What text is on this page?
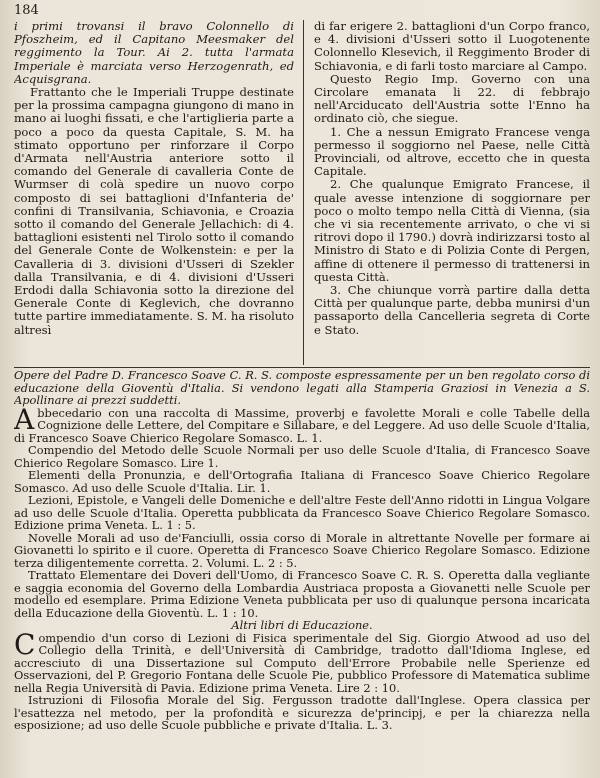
184

i primi trovansi il bravo Colonnello di Pfoszheim, ed il Capitano Meesmaker del reggimento la Tour. Ai 2. tutta l'armata Imperiale è marciata verso Herzogenrath, ed Acquisgrana.

Frattanto che le Imperiali Truppe destinate per la prossima campagna giungono di mano in mano ai luoghi fissati, e che l'artiglieria parte a poco a poco da questa Capitale, S. M. ha stimato opportuno per rinforzare il Corpo d'Armata nell'Austria anteriore sotto il comando del Generale di cavalleria Conte de Wurmser di colà spedire un nuovo corpo composto di sei battaglioni d'Infanteria de' confini di Transilvania, Schiavonia, e Croazia sotto il comando del Generale Jellachich: di 4. battaglioni esistenti nel Tirolo sotto il comando del Generale Conte de Wolkenstein: e per la Cavalleria di 3. divisioni d'Usseri di Szekler dalla Transilvania, e di 4. divisioni d'Usseri Erdodi dalla Schiavonia sotto la direzione del Generale Conte di Keglevich, che dovranno tutte partire immediatamente. S. M. ha risoluto altresì

di far erigere 2. battaglioni d'un Corpo franco, e 4. divisioni d'Usseri sotto il Luogotenente Colonnello Klesevich, il Reggimento Broder di Schiavonia, e di farli tosto marciare al Campo.

Questo Regio Imp. Governo con una Circolare emanata li 22. di febbrajo nell'Arciducato dell'Austria sotte l'Enno ha ordinato ciò, che siegue.

1. Che a nessun Emigrato Francese venga permesso il soggiorno nel Paese, nelle Città Provinciali, od altrove, eccetto che in questa Capitale.

2. Che qualunque Emigrato Francese, il quale avesse intenzione di soggiornare per poco o molto tempo nella Città di Vienna, (sia che vi sia recentemente arrivato, o che vi si ritrovi dopo il 1790.) dovrà indirizzarsi tosto al Ministro di Stato e di Polizia Conte di Pergen, affine di ottenere il permesso di trattenersi in questa Città.

3. Che chiunque vorrà partire dalla detta Città per qualunque parte, debba munirsi d'un passaporto della Cancelleria segreta di Corte e Stato.

Opere del Padre D. Francesco Soave C. R. S. composte espressamente per un ben regolato corso di educazione della Gioventù d'Italia. Si vendono legati alla Stamperia Graziosi in Venezia a S. Apollinare ai prezzi suddetti.

Abbecedario con una raccolta di Massime, proverbj e favolette Morali e colle Tabelle della Cognizione delle Lettere, del Compitare e Sillabare, e del Leggere. Ad uso delle Scuole d'Italia, di Francesco Soave Chierico Regolare Somasco. L. 1.

Compendio del Metodo delle Scuole Normali per uso delle Scuole d'Italia, di Francesco Soave Chierico Regolare Somasco. Lire 1.

Elementi della Pronunzia, e dell'Ortografia Italiana di Francesco Soave Chierico Regolare Somasco. Ad uso delle Scuole d'Italia. Lir. 1.

Lezioni, Epistole, e Vangeli delle Domeniche e dell'altre Feste dell'Anno ridotti in Lingua Volgare ad uso delle Scuole d'Italia. Operetta pubblicata da Francesco Soave Chierico Regolare Somasco. Edizione prima Veneta. L. 1 : 5.

Novelle Morali ad uso de'Fanciulli, ossia corso di Morale in altrettante Novelle per formare ai Giovanetti lo spirito e il cuore. Operetta di Francesco Soave Chierico Regolare Somasco. Edizione terza diligentemente corretta. 2. Volumi. L. 2 : 5.

Trattato Elementare dei Doveri dell'Uomo, di Francesco Soave C. R. S. Operetta dalla vegliante e saggia economia del Governo della Lombardia Austriaca proposta a Giovanetti nelle Scuole per modello ed esemplare. Prima Edizione Veneta pubblicata per uso di qualunque persona incaricata della Educazione della Gioventù. L. 1 : 10.

Altri libri di Educazione.

Compendio d'un corso di Lezioni di Fisica sperimentale del Sig. Giorgio Atwood ad uso del Collegio della Trinità, e dell'Università di Cambridge, tradotto dall'Idioma Inglese, ed accresciuto di una Dissertazione sul Computo dell'Errore Probabile nelle Sperienze ed Osservazioni, del P. Gregorio Fontana delle Scuole Pie, pubblico Professore di Matematica sublime nella Regia Università di Pavia. Edizione prima Veneta. Lire 2 : 10.

Istruzioni di Filosofia Morale del Sig. Fergusson tradotte dall'Inglese. Opera classica per l'esattezza nel metodo, per la profondità e sicurezza de'principj, e per la chiarezza nella esposizione; ad uso delle Scuole pubbliche e private d'Italia. L. 3.
